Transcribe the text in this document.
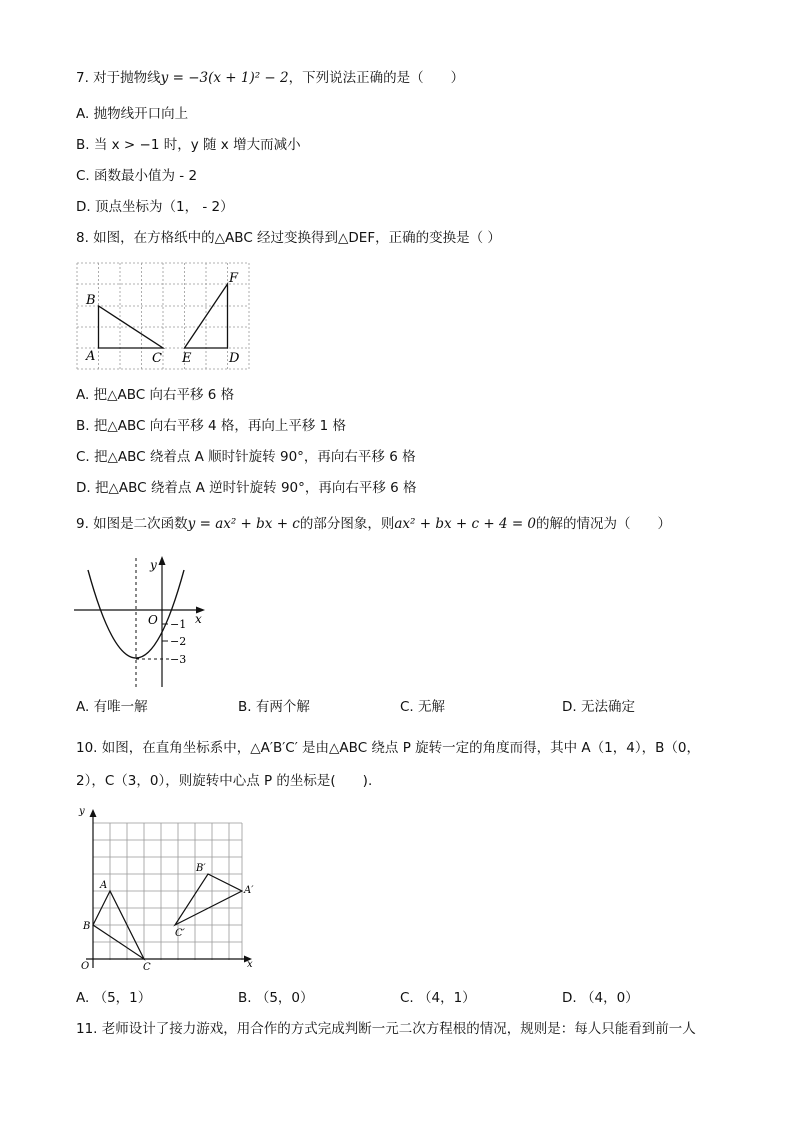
7. 对于抛物线y = −3(x + 1)² − 2，下列说法正确的是（　　）
A. 抛物线开口向上
B. 当 x > −1 时，y 随 x 增大而减小
C. 函数最小值为 - 2
D. 顶点坐标为（1， - 2）
8. 如图，在方格纸中的△ABC 经过变换得到△DEF，正确的变换是（ ）
B
A	C E	D
F
A. 把△ABC 向右平移 6 格
B. 把△ABC 向右平移 4 格，再向上平移 1 格
C. 把△ABC 绕着点 A 顺时针旋转 90°，再向右平移 6 格
D. 把△ABC 绕着点 A 逆时针旋转 90°，再向右平移 6 格
9. 如图是二次函数y = ax² + bx + c的部分图象，则ax² + bx + c + 4 = 0的解的情况为（　　）
y
x
O −1
−2
−3
A. 有唯一解	B. 有两个解	C. 无解	D. 无法确定
10. 如图，在直角坐标系中，△A′B′C′ 是由△ABC 绕点 P 旋转一定的角度而得，其中 A（1，4），B（0，
2），C（3，0），则旋转中心点 P 的坐标是(　　).
y
x
O
A
B
C
A′
B′
C′
A. （5，1）	B. （5，0）	C. （4，1）	D. （4，0）
11. 老师设计了接力游戏，用合作的方式完成判断一元二次方程根的情况，规则是：每人只能看到前一人
